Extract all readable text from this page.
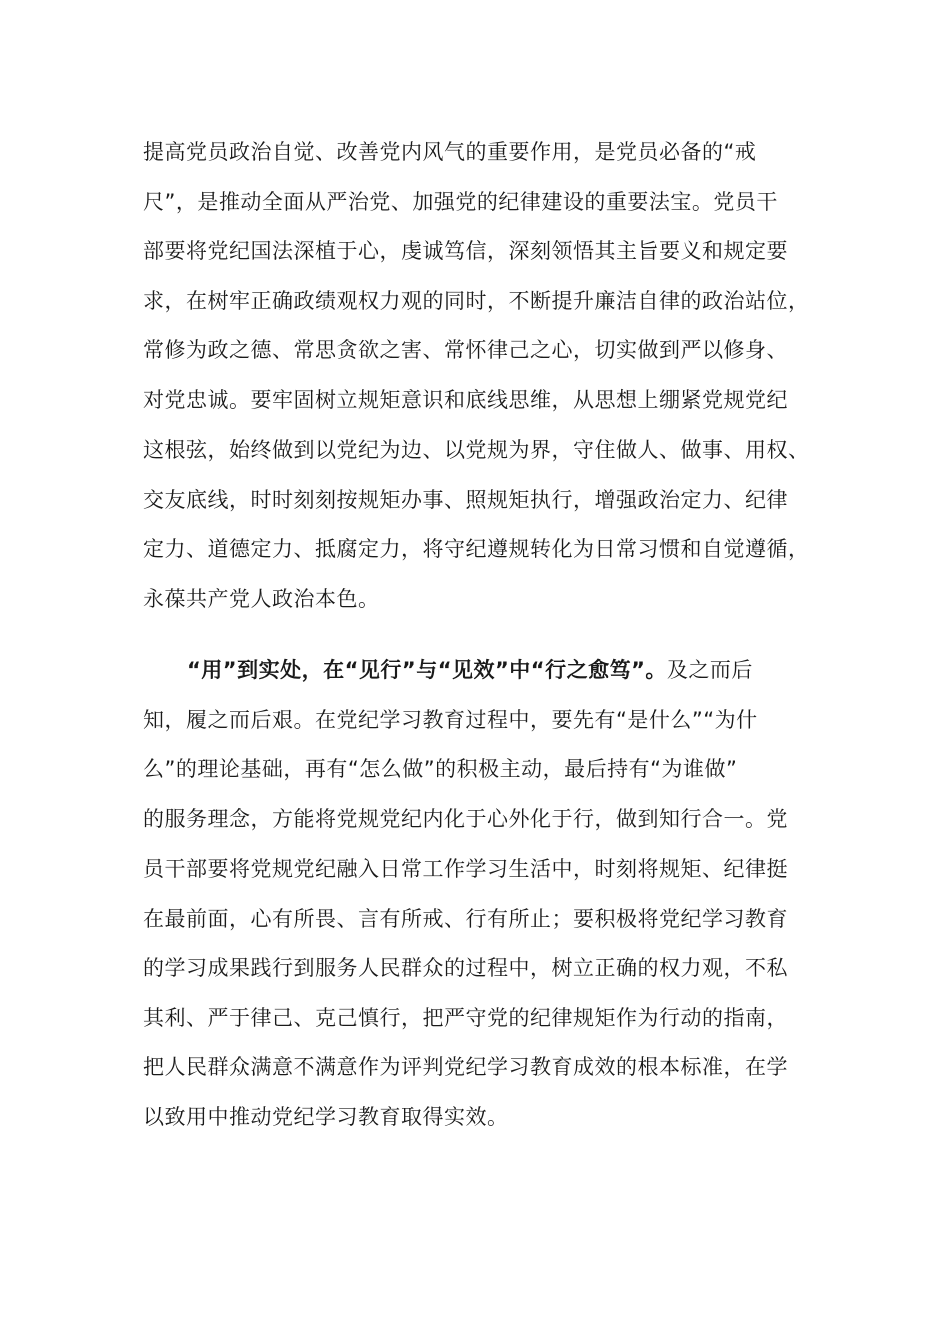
提高党员政治自觉、改善党内风气的重要作用，是党员必备的“戒
尺”，是推动全面从严治党、加强党的纪律建设的重要法宝。党员干
部要将党纪国法深植于心，虔诚笃信，深刻领悟其主旨要义和规定要
求，在树牢正确政绩观权力观的同时，不断提升廉洁自律的政治站位，
常修为政之德、常思贪欲之害、常怀律己之心，切实做到严以修身、
对党忠诚。要牢固树立规矩意识和底线思维，从思想上绷紧党规党纪
这根弦，始终做到以党纪为边、以党规为界，守住做人、做事、用权、
交友底线，时时刻刻按规矩办事、照规矩执行，增强政治定力、纪律
定力、道德定力、抵腐定力，将守纪遵规转化为日常习惯和自觉遵循，
永葆共产党人政治本色。
“用”到实处，在“见行”与“见效”中“行之愈笃”。及之而后
知，履之而后艰。在党纪学习教育过程中，要先有“是什么”“为什
么”的理论基础，再有“怎么做”的积极主动，最后持有“为谁做”
的服务理念，方能将党规党纪内化于心外化于行，做到知行合一。党
员干部要将党规党纪融入日常工作学习生活中，时刻将规矩、纪律挺
在最前面，心有所畏、言有所戒、行有所止；要积极将党纪学习教育
的学习成果践行到服务人民群众的过程中，树立正确的权力观，不私
其利、严于律己、克己慎行，把严守党的纪律规矩作为行动的指南，
把人民群众满意不满意作为评判党纪学习教育成效的根本标准，在学
以致用中推动党纪学习教育取得实效。
